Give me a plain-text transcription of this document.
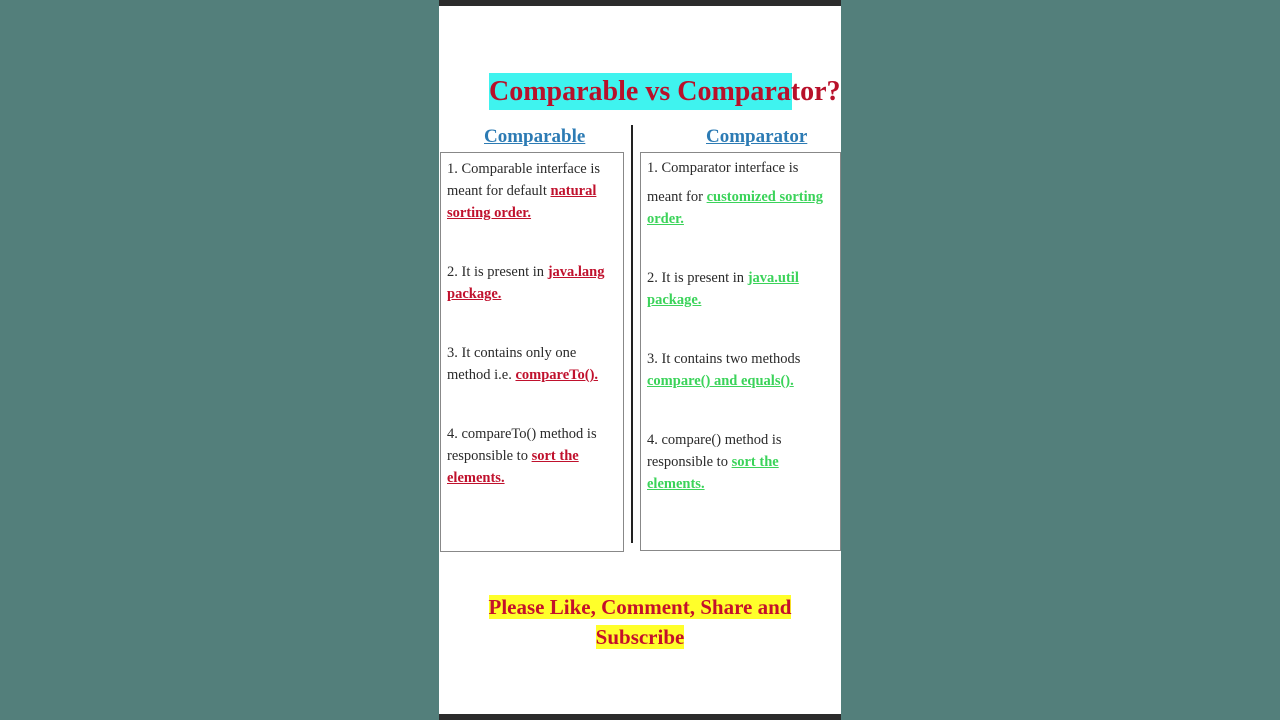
Comparable vs Comparator?
Comparable	Comparator
1. Comparable interface is meant for default natural sorting order.
2. It is present in java.lang package.
3. It contains only one method i.e. compareTo().
4. compareTo() method is responsible to sort the elements.
1. Comparator interface is
meant for customized sorting order.
2. It is present in java.util package.
3. It contains two methods compare() and equals().
4. compare() method is responsible to sort the elements.
Please Like, Comment, Share and
Subscribe
